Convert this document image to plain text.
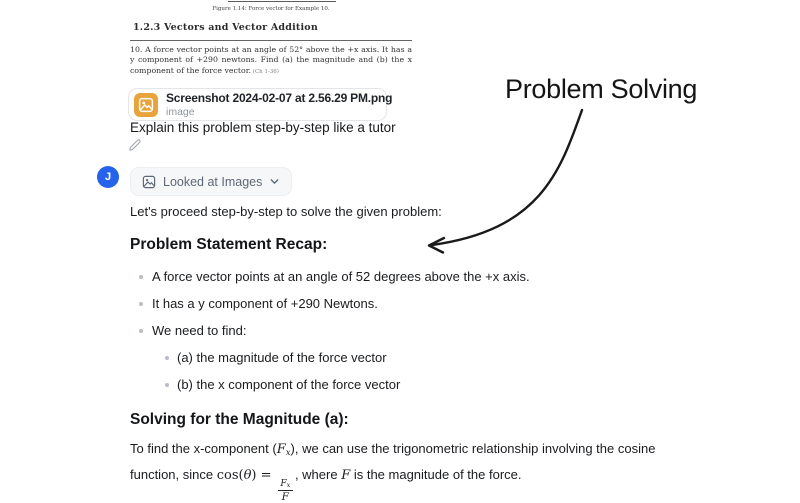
Figure 1.14: Force vector for Example 10.
1.2.3 Vectors and Vector Addition
10. A force vector points at an angle of 52° above the +x axis. It has a y component of +290 newtons. Find (a) the magnitude and (b) the x component of the force vector. (Ch 1-36)
Screenshot 2024-02-07 at 2.56.29 PM.png
image
Explain this problem step-by-step like a tutor
J	Looked at Images
Let's proceed step-by-step to solve the given problem:
Problem Statement Recap:
A force vector points at an angle of 52 degrees above the +x axis.
It has a y component of +290 Newtons.
We need to find:
(a) the magnitude of the force vector
(b) the x component of the force vector
Solving for the Magnitude (a):
To find the x-component (Fx), we can use the trigonometric relationship involving the cosine function, since cos(θ) =
$\frac{Fx}{F}$
, where F is the magnitude of the force.
Problem Solving
